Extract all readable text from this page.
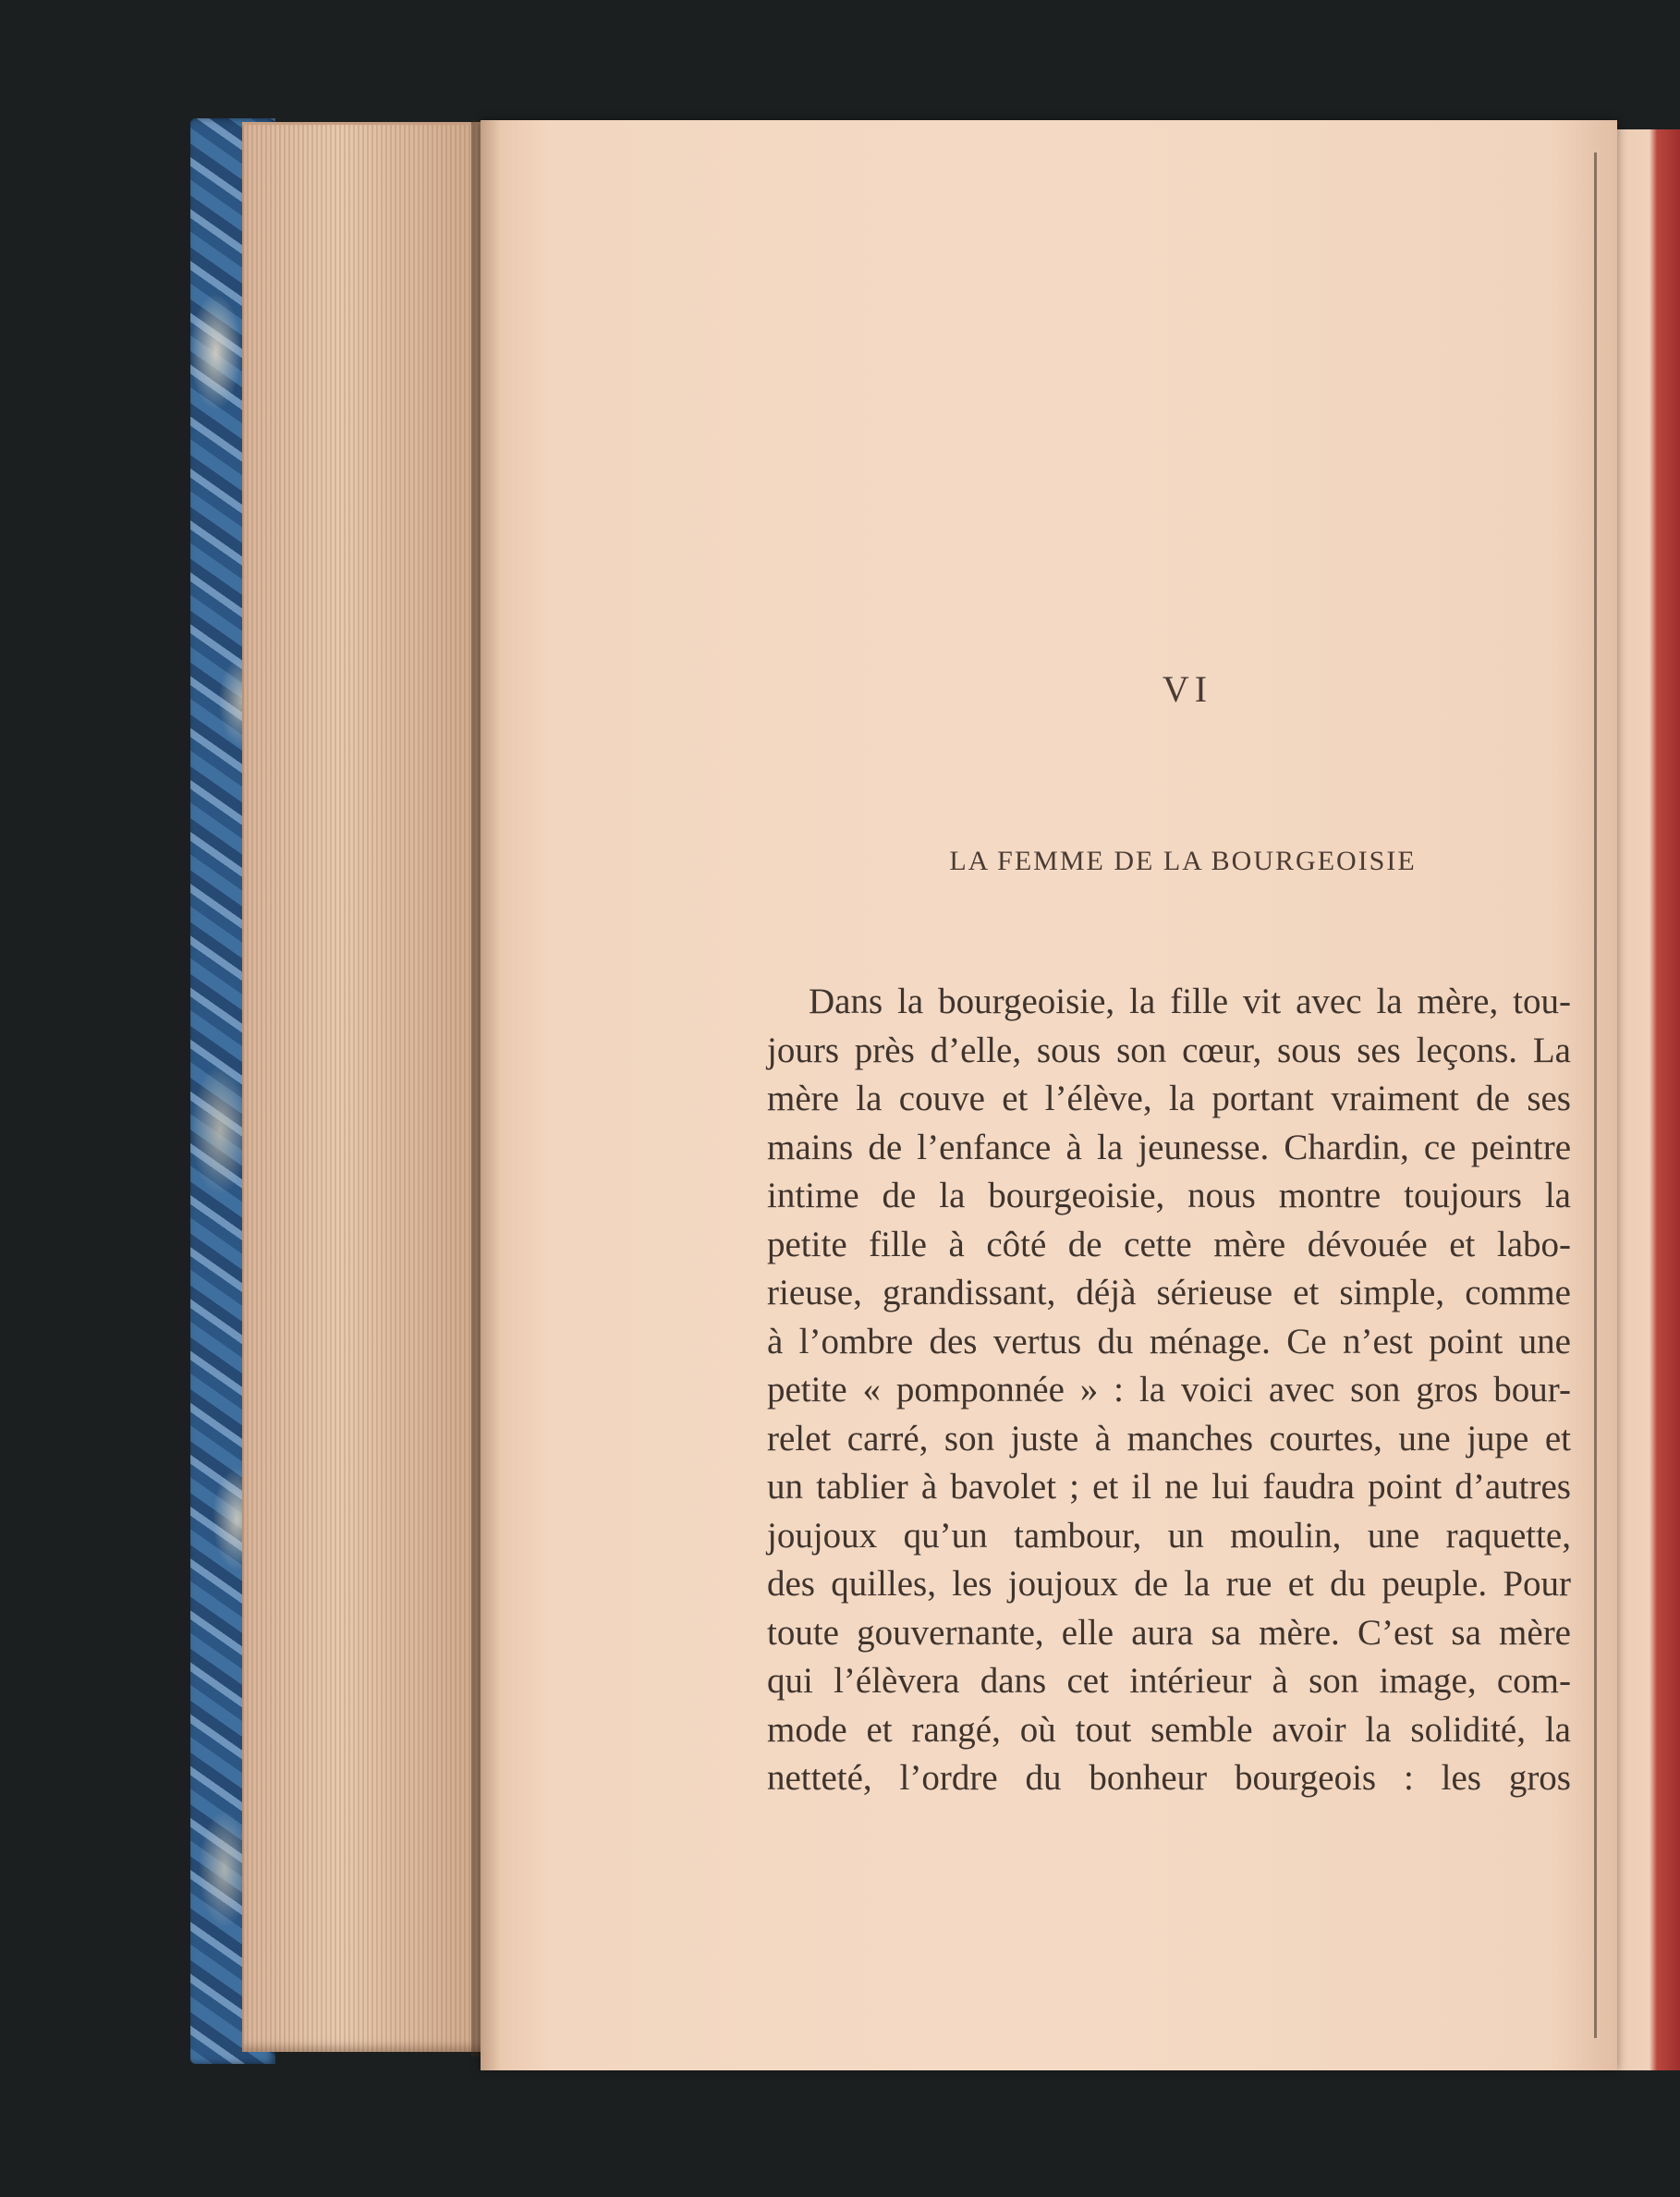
VI
LA FEMME DE LA BOURGEOISIE
Dans la bourgeoisie, la fille vit avec la mère, tou-
jours près d’elle, sous son cœur, sous ses leçons. La
mère la couve et l’élève, la portant vraiment de ses
mains de l’enfance à la jeunesse. Chardin, ce peintre
intime de la bourgeoisie, nous montre toujours la
petite fille à côté de cette mère dévouée et labo-
rieuse, grandissant, déjà sérieuse et simple, comme
à l’ombre des vertus du ménage. Ce n’est point une
petite « pomponnée » : la voici avec son gros bour-
relet carré, son juste à manches courtes, une jupe et
un tablier à bavolet ; et il ne lui faudra point d’autres
joujoux qu’un tambour, un moulin, une raquette,
des quilles, les joujoux de la rue et du peuple. Pour
toute gouvernante, elle aura sa mère. C’est sa mère
qui l’élèvera dans cet intérieur à son image, com-
mode et rangé, où tout semble avoir la solidité, la
netteté, l’ordre du bonheur bourgeois : les gros
